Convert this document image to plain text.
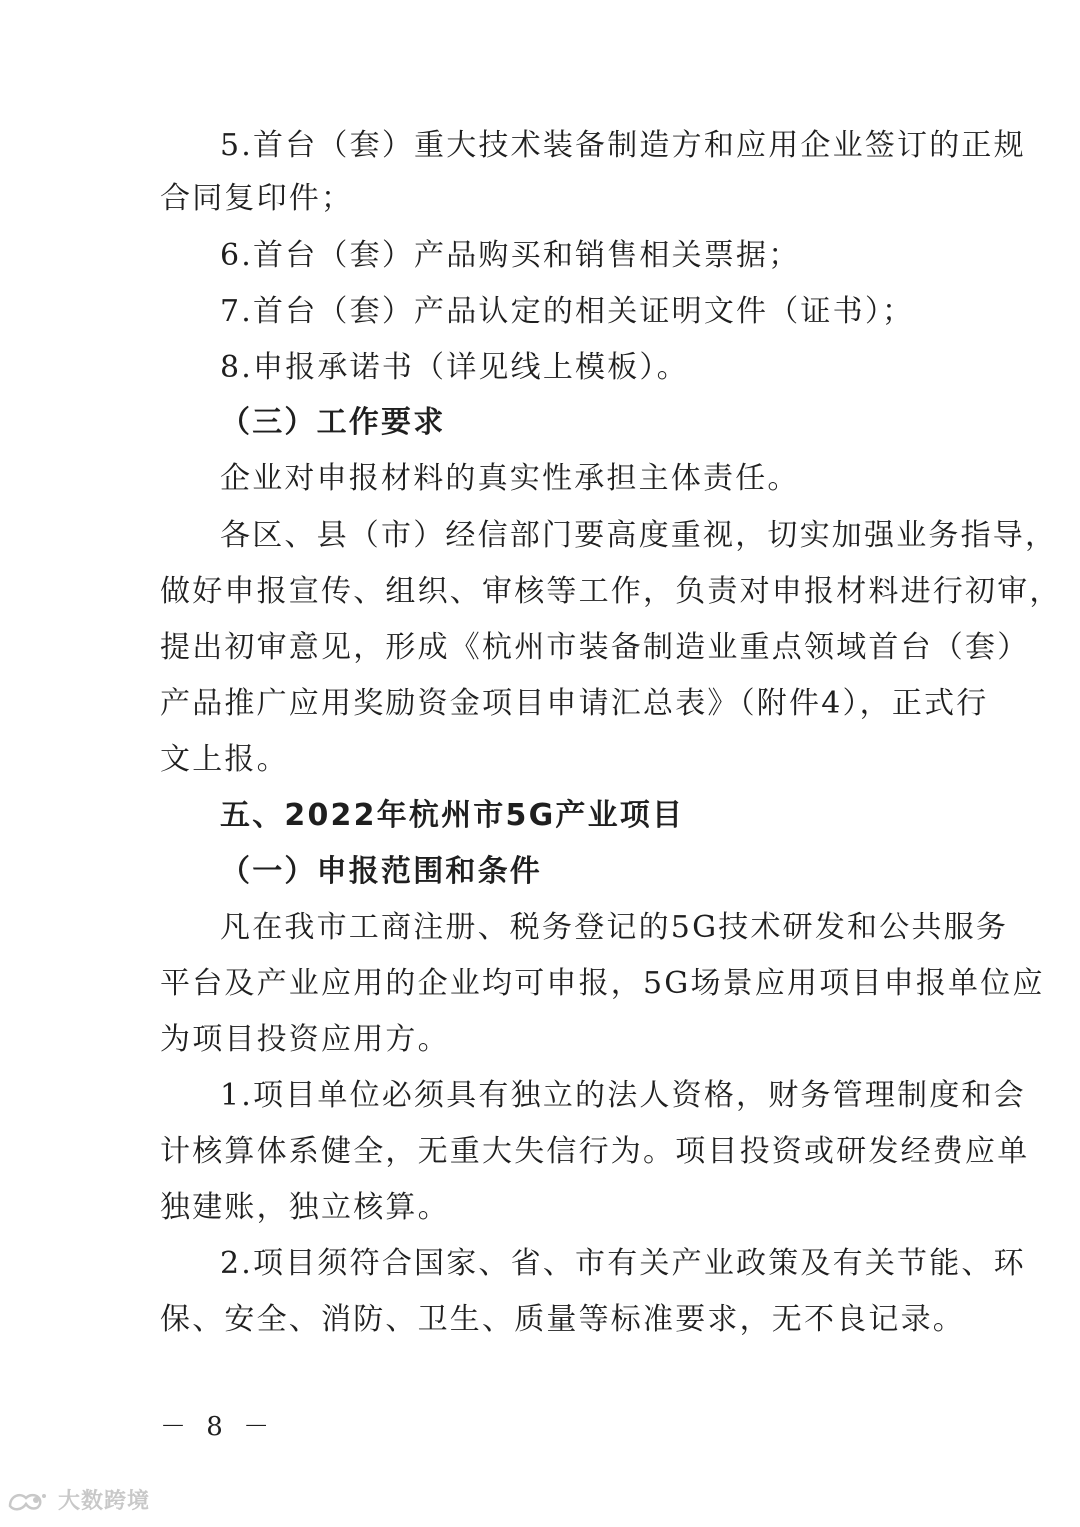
5.首台（套）重大技术装备制造方和应用企业签订的正规
合同复印件；
6.首台（套）产品购买和销售相关票据；
7.首台（套）产品认定的相关证明文件（证书）；
8.申报承诺书（详见线上模板）。
（三）工作要求
企业对申报材料的真实性承担主体责任。
各区、县（市）经信部门要高度重视，切实加强业务指导，
做好申报宣传、组织、审核等工作，负责对申报材料进行初审，
提出初审意见，形成《杭州市装备制造业重点领域首台（套）
产品推广应用奖励资金项目申请汇总表》（附件4），正式行
文上报。
五、2022年杭州市5G产业项目
（一）申报范围和条件
凡在我市工商注册、税务登记的5G技术研发和公共服务
平台及产业应用的企业均可申报，5G场景应用项目申报单位应
为项目投资应用方。
1.项目单位必须具有独立的法人资格，财务管理制度和会
计核算体系健全，无重大失信行为。项目投资或研发经费应单
独建账，独立核算。
2.项目须符合国家、省、市有关产业政策及有关节能、环
保、安全、消防、卫生、质量等标准要求，无不良记录。
－ 8 －
大数跨境
